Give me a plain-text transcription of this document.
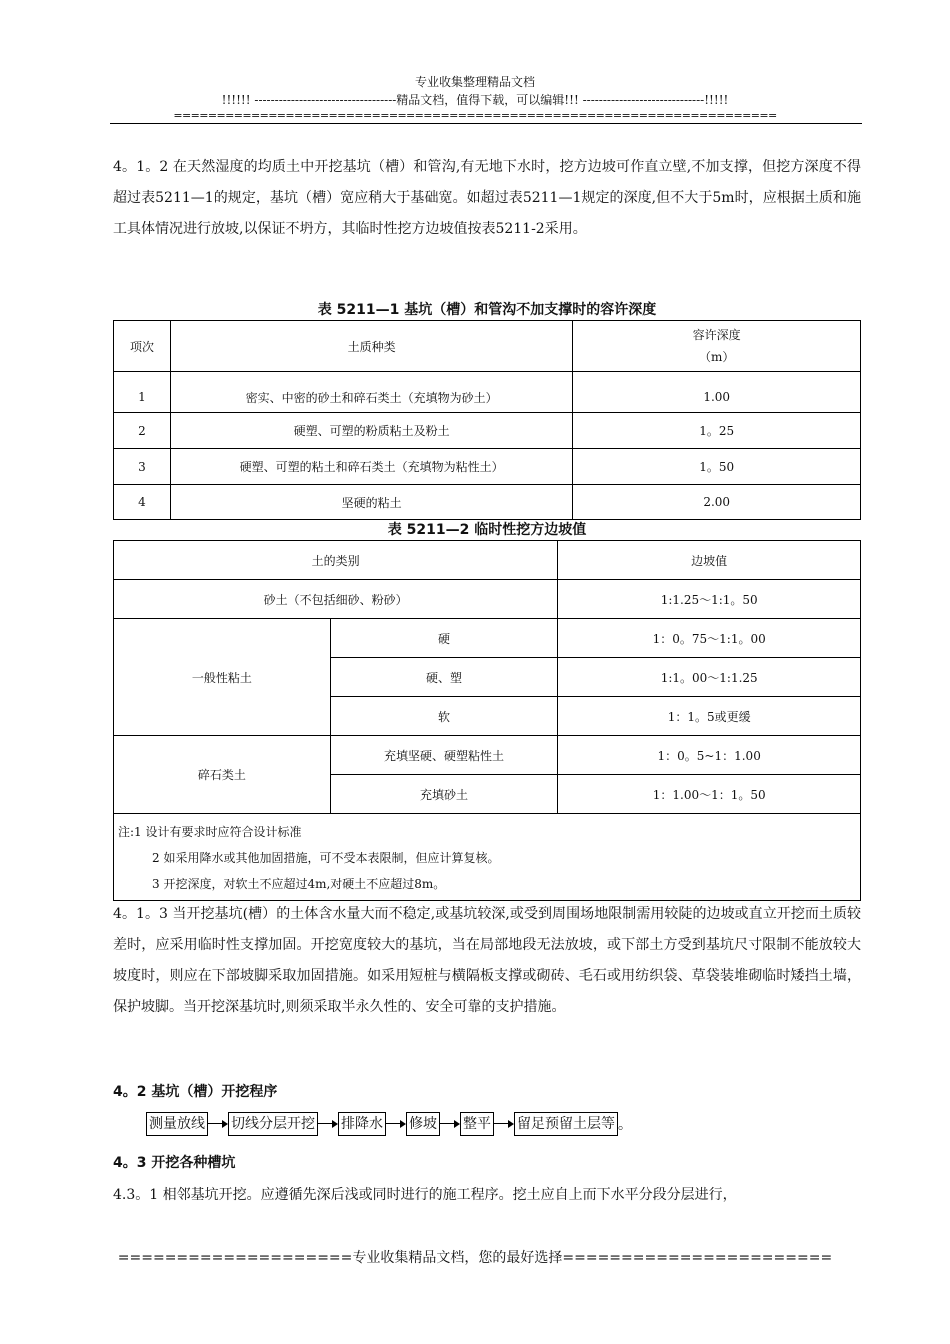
专业收集整理精品文档
!!!!!! -----------------------------------精品文档，值得下载，可以编辑!!! ------------------------------!!!!!
======================================================================

4。1。2 在天然湿度的均质土中开挖基坑（槽）和管沟,有无地下水时，挖方边坡可作直立壁,不加支撑，但挖方深度不得超过表5211—1的规定，基坑（槽）宽应稍大于基础宽。如超过表5211—1规定的深度,但不大于5m时，应根据土质和施工具体情况进行放坡,以保证不坍方，其临时性挖方边坡值按表5211-2采用。

表 5211—1 基坑（槽）和管沟不加支撑时的容许深度
项次	土质种类	容许深度
（m）

1	密实、中密的砂土和碎石类土（充填物为砂土）	1.00
2	硬塑、可塑的粉质粘土及粉土	1。25
3	硬塑、可塑的粘土和碎石类土（充填物为粘性土）	1。50
4	坚硬的粘土	2.00
表 5211—2 临时性挖方边坡值
土的类别		边坡值
砂土（不包括细砂、粉砂）		1:1.25～1:1。50
一般性粘土	硬	1：0。75～1:1。00
	硬、塑	1:1。00～1:1.25
	软	1：1。5或更缓
碎石类土	充填坚硬、硬塑粘性土	1：0。5~1：1.00
	充填砂土	1：1.00～1：1。50

注:1 设计有要求时应符合设计标准
2 如采用降水或其他加固措施，可不受本表限制，但应计算复核。
3 开挖深度，对软土不应超过4m,对硬土不应超过8m。		

4。1。3 当开挖基坑(槽）的土体含水量大而不稳定,或基坑较深,或受到周围场地限制需用较陡的边坡或直立开挖而土质较差时，应采用临时性支撑加固。开挖宽度较大的基坑，当在局部地段无法放坡，或下部土方受到基坑尺寸限制不能放较大坡度时，则应在下部坡脚采取加固措施。如采用短桩与横隔板支撑或砌砖、毛石或用纺织袋、草袋装堆砌临时矮挡土墙，保护坡脚。当开挖深基坑时,则须采取半永久性的、安全可靠的支护措施。

4。2 基坑（槽）开挖程序
测量放线 切线分层开挖 排降水 修坡 整平 留足预留土层等 。
4。3 开挖各种槽坑

4.3。1 相邻基坑开挖。应遵循先深后浅或同时进行的施工程序。挖土应自上而下水平分段分层进行，

====================专业收集精品文档，您的最好选择=======================
